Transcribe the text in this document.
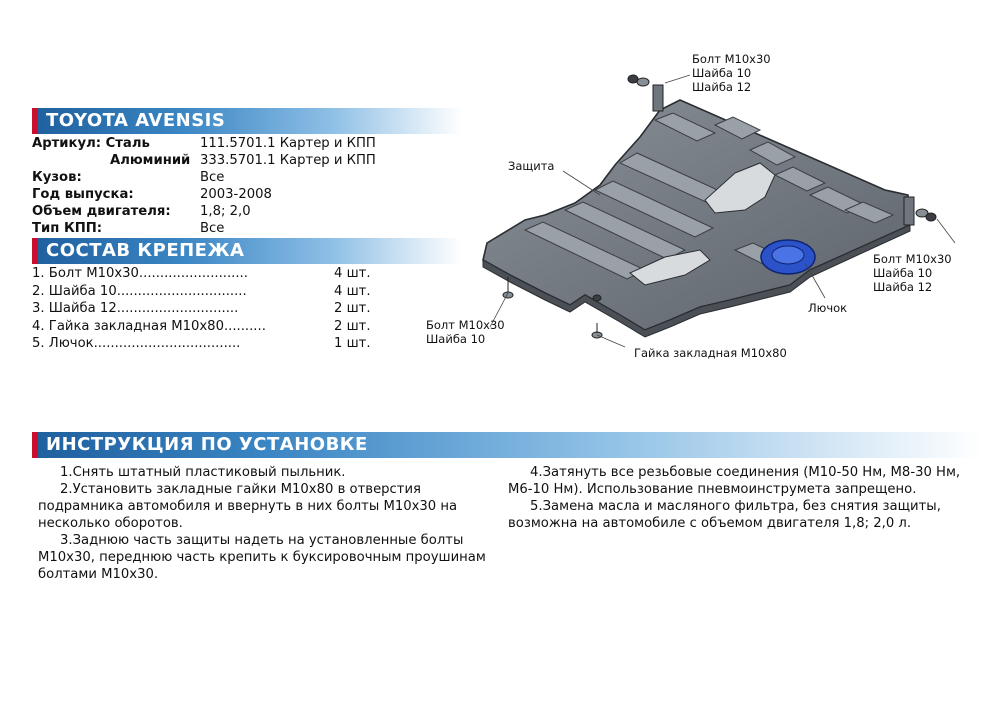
TOYOTA AVENSIS
Артикул: Сталь	111.5701.1 Картер и КПП
Алюминий 333.5701.1 Картер и КПП
Кузов:	Все
Год выпуска:	2003-2008
Объем двигателя: 1,8; 2,0
Тип КПП:	Все
СОСТАВ КРЕПЕЖА
1. Болт М10х30..........................	4 шт.
2. Шайба 10...............................	4 шт.
3. Шайба 12.............................	2 шт.
4. Гайка закладная М10х80..........	2 шт.
5. Лючок...................................	1 шт.
Болт М10х30
Шайба 10
Шайба 12
Защита
Болт М10х30
Шайба 10
Шайба 12
Лючок
Болт М10х30
Шайба 10
Гайка закладная М10х80
ИНСТРУКЦИЯ ПО УСТАНОВКЕ

1.Снять штатный пластиковый пыльник.

2.Установить закладные гайки М10х80 в отверстия подрамника автомобиля и ввернуть в них болты М10х30 на несколько оборотов.

3.Заднюю часть защиты надеть на установленные болты М10х30, переднюю часть крепить к буксировочным проушинам болтами М10х30.

4.Затянуть все резьбовые соединения (М10-50 Нм, М8-30 Нм, М6-10 Нм). Использование пневмоинструмета запрещено.

5.Замена масла и масляного фильтра, без снятия защиты, возможна на автомобиле с объемом двигателя 1,8; 2,0 л.
